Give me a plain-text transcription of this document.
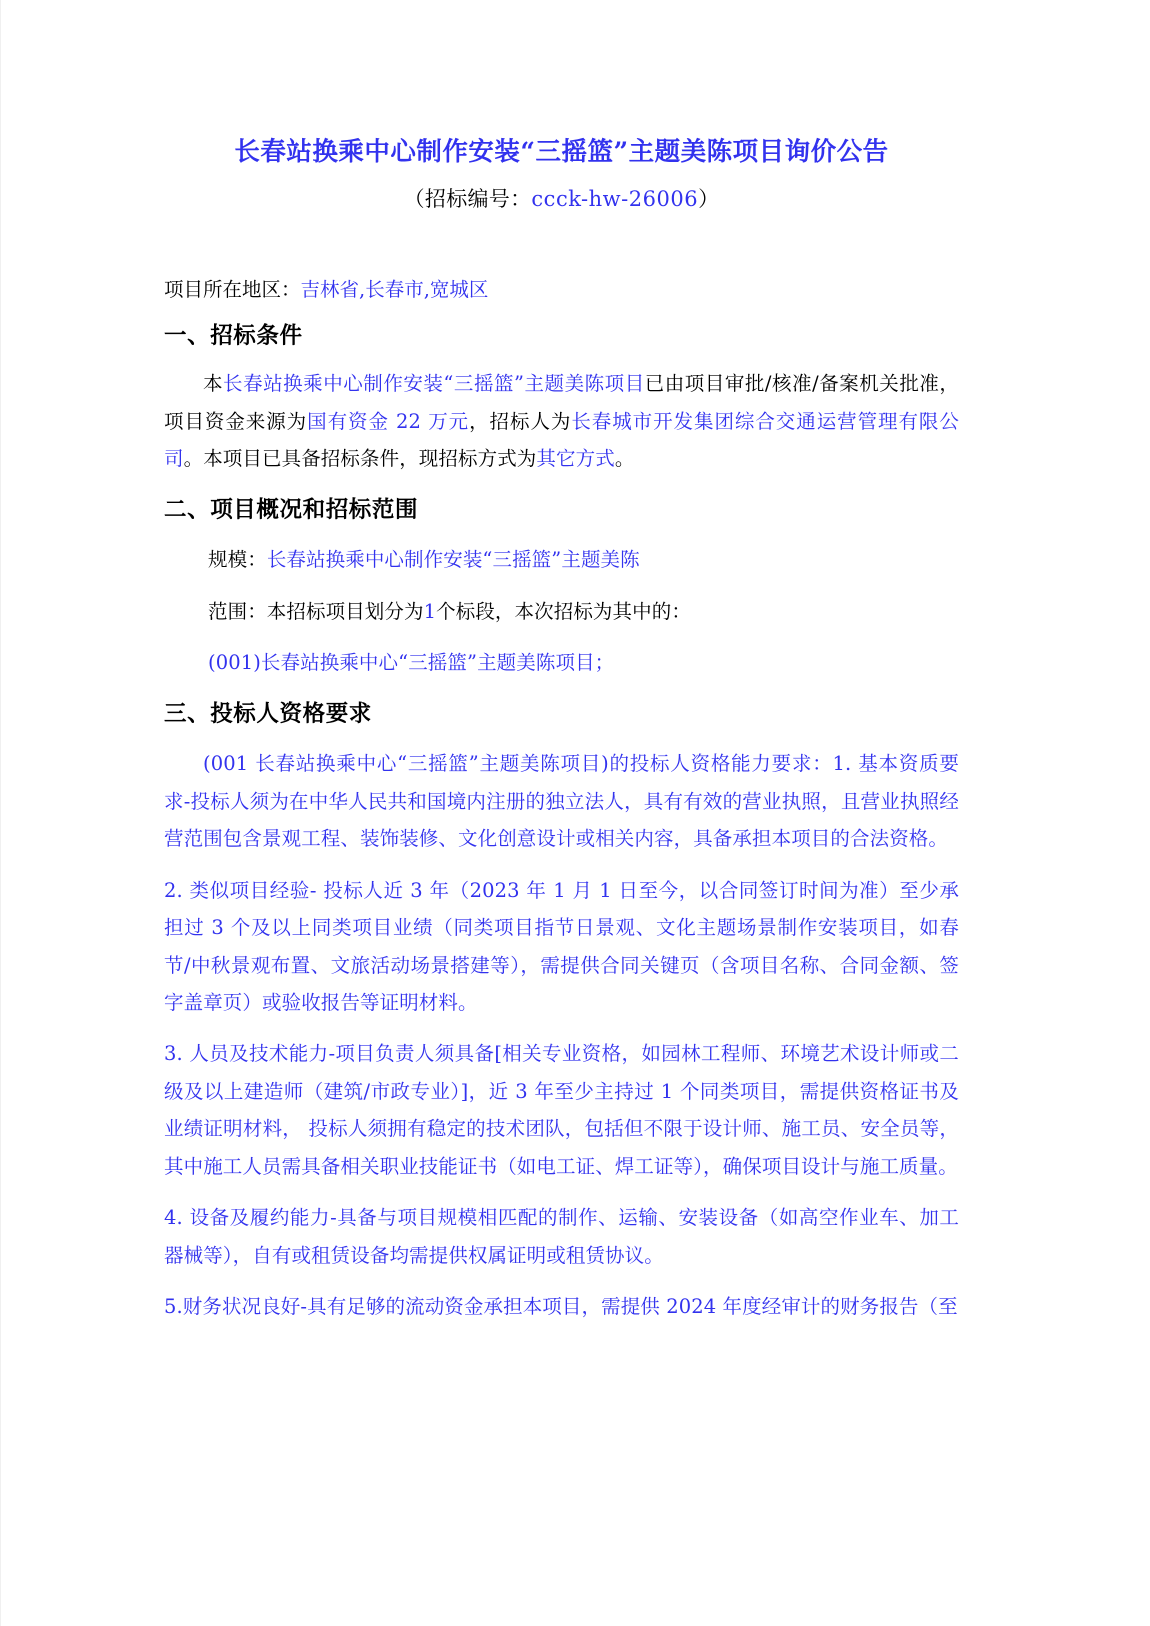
长春站换乘中心制作安装“三摇篮”主题美陈项目询价公告
（招标编号：ccck-hw-26006）

项目所在地区：吉林省,长春市,宽城区

一、招标条件

本长春站换乘中心制作安装“三摇篮”主题美陈项目已由项目审批/核准/备案机关批准，项目资金来源为国有资金 22 万元，招标人为长春城市开发集团综合交通运营管理有限公司。本项目已具备招标条件，现招标方式为其它方式。

二、项目概况和招标范围

规模：长春站换乘中心制作安装“三摇篮”主题美陈

范围：本招标项目划分为1个标段，本次招标为其中的：

(001)长春站换乘中心“三摇篮”主题美陈项目；

三、投标人资格要求

(001 长春站换乘中心“三摇篮”主题美陈项目)的投标人资格能力要求：1. 基本资质要求-投标人须为在中华人民共和国境内注册的独立法人，具有有效的营业执照，且营业执照经营范围包含景观工程、装饰装修、文化创意设计或相关内容，具备承担本项目的合法资格。

2. 类似项目经验- 投标人近 3 年（2023 年 1 月 1 日至今，以合同签订时间为准）至少承担过 3 个及以上同类项目业绩（同类项目指节日景观、文化主题场景制作安装项目，如春节/中秋景观布置、文旅活动场景搭建等），需提供合同关键页（含项目名称、合同金额、签字盖章页）或验收报告等证明材料。

3. 人员及技术能力-项目负责人须具备[相关专业资格，如园林工程师、环境艺术设计师或二级及以上建造师（建筑/市政专业）]，近 3 年至少主持过 1 个同类项目，需提供资格证书及业绩证明材料， 投标人须拥有稳定的技术团队，包括但不限于设计师、施工员、安全员等，其中施工人员需具备相关职业技能证书（如电工证、焊工证等），确保项目设计与施工质量。

4. 设备及履约能力-具备与项目规模相匹配的制作、运输、安装设备（如高空作业车、加工器械等），自有或租赁设备均需提供权属证明或租赁协议。

5.财务状况良好-具有足够的流动资金承担本项目，需提供 2024 年度经审计的财务报告（至
